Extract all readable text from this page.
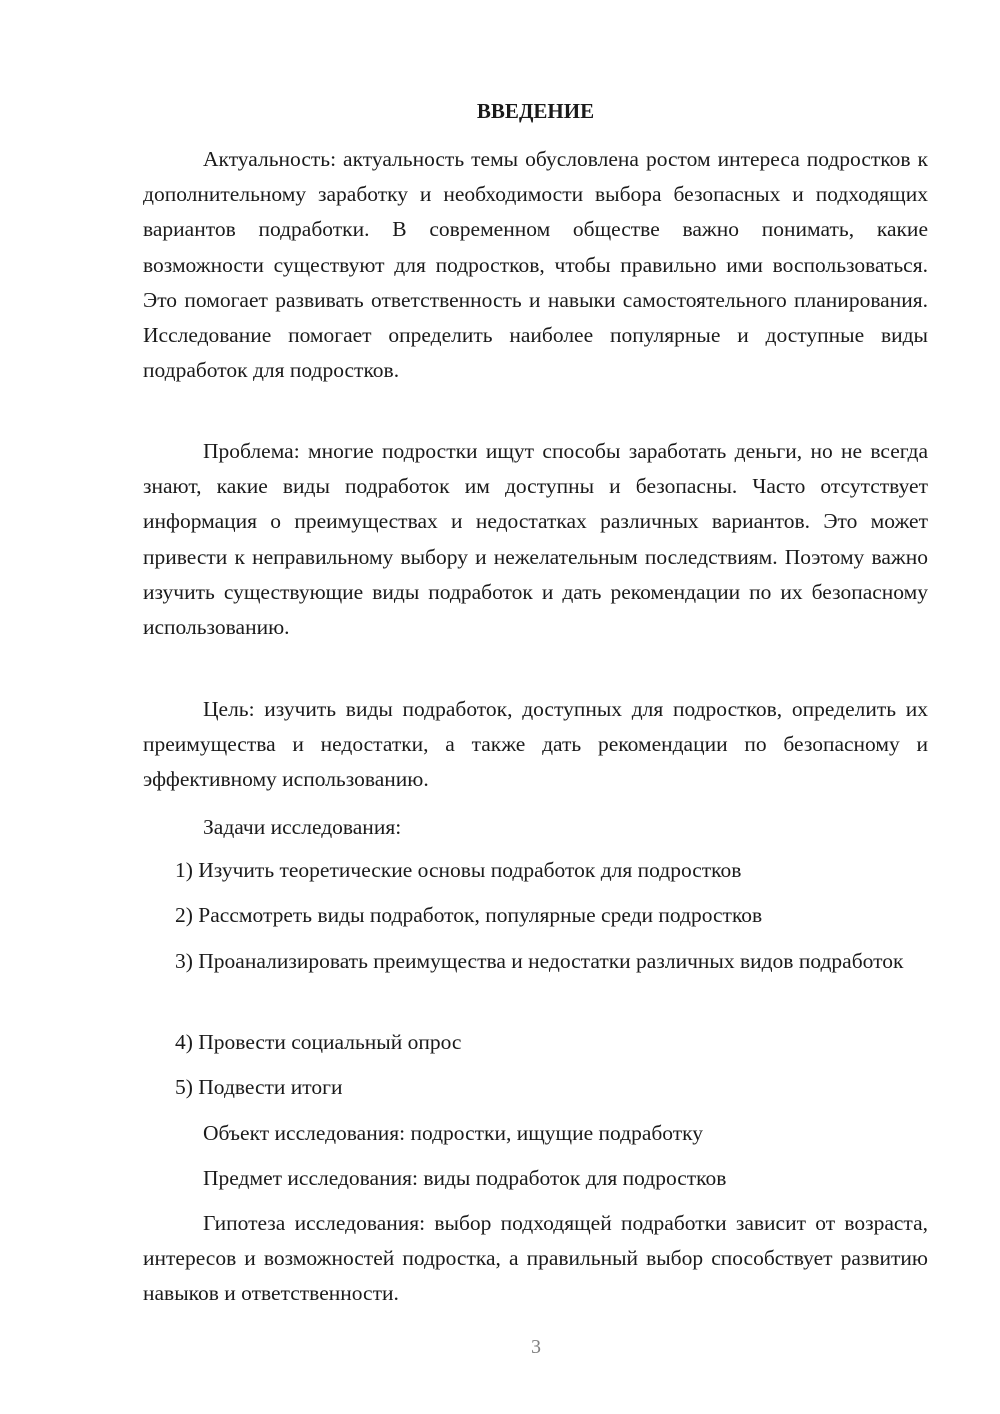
ВВЕДЕНИЕ

Актуальность: актуальность темы обусловлена ростом интереса подростков к дополнительному заработку и необходимости выбора безопасных и подходящих вариантов подработки. В современном обществе важно понимать, какие возможности существуют для подростков, чтобы правильно ими воспользоваться. Это помогает развивать ответственность и навыки самостоятельного планирования. Исследование помогает определить наиболее популярные и доступные виды подработок для подростков.

Проблема: многие подростки ищут способы заработать деньги, но не всегда знают, какие виды подработок им доступны и безопасны. Часто отсутствует информация о преимуществах и недостатках различных вариантов. Это может привести к неправильному выбору и нежелательным последствиям. Поэтому важно изучить существующие виды подработок и дать рекомендации по их безопасному использованию.

Цель: изучить виды подработок, доступных для подростков, определить их преимущества и недостатки, а также дать рекомендации по безопасному и эффективному использованию.

Задачи исследования:

1) Изучить теоретические основы подработок для подростков

2) Рассмотреть виды подработок, популярные среди подростков

3) Проанализировать преимущества и недостатки различных видов подработок

4) Провести социальный опрос

5) Подвести итоги

Объект исследования: подростки, ищущие подработку

Предмет исследования: виды подработок для подростков

Гипотеза исследования: выбор подходящей подработки зависит от возраста, интересов и возможностей подростка, а правильный выбор способствует развитию навыков и ответственности.

3
